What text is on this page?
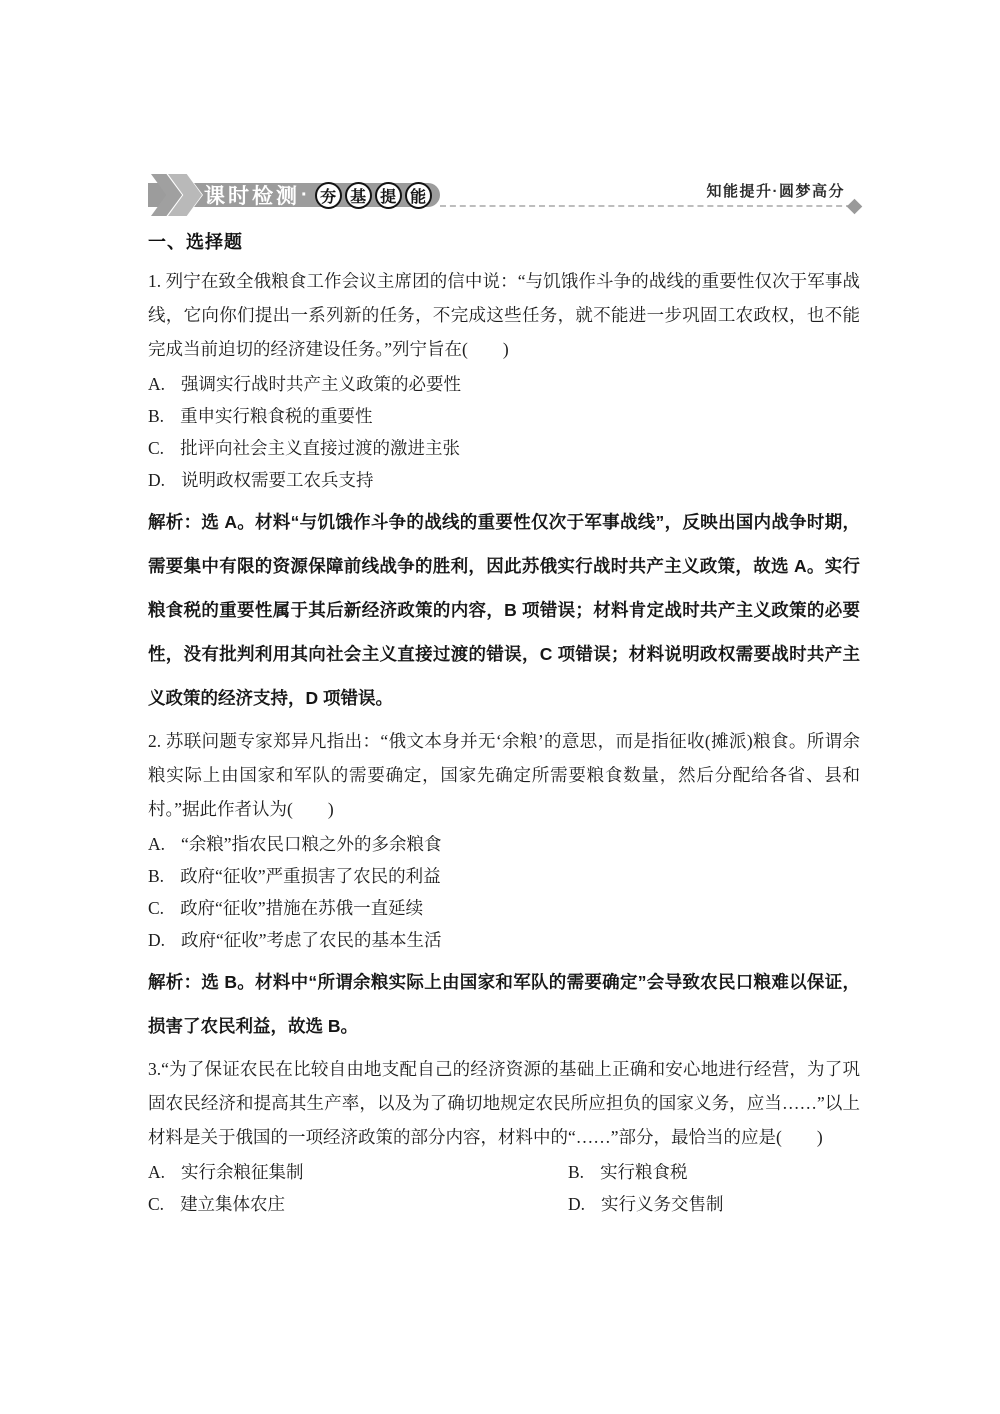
课时检测 · 夯 基 提 能	知能提升·圆梦高分
一、选择题

1. 列宁在致全俄粮食工作会议主席团的信中说：“与饥饿作斗争的战线的重要性仅次于军事战线，它向你们提出一系列新的任务，不完成这些任务，就不能进一步巩固工农政权，也不能完成当前迫切的经济建设任务。”列宁旨在(　　)

A. 强调实行战时共产主义政策的必要性
B. 重申实行粮食税的重要性
C. 批评向社会主义直接过渡的激进主张
D. 说明政权需要工农兵支持

解析：选 A。材料“与饥饿作斗争的战线的重要性仅次于军事战线”，反映出国内战争时期，需要集中有限的资源保障前线战争的胜利，因此苏俄实行战时共产主义政策，故选 A。实行粮食税的重要性属于其后新经济政策的内容，B 项错误；材料肯定战时共产主义政策的必要性，没有批判利用其向社会主义直接过渡的错误，C 项错误；材料说明政权需要战时共产主义政策的经济支持，D 项错误。

2. 苏联问题专家郑异凡指出：“俄文本身并无‘余粮’的意思，而是指征收(摊派)粮食。所谓余粮实际上由国家和军队的需要确定，国家先确定所需要粮食数量，然后分配给各省、县和村。”据此作者认为(　　)

A. “余粮”指农民口粮之外的多余粮食
B. 政府“征收”严重损害了农民的利益
C. 政府“征收”措施在苏俄一直延续
D. 政府“征收”考虑了农民的基本生活

解析：选 B。材料中“所谓余粮实际上由国家和军队的需要确定”会导致农民口粮难以保证，损害了农民利益，故选 B。

3.“为了保证农民在比较自由地支配自己的经济资源的基础上正确和安心地进行经营，为了巩固农民经济和提高其生产率，以及为了确切地规定农民所应担负的国家义务，应当……”以上材料是关于俄国的一项经济政策的部分内容，材料中的“……”部分，最恰当的应是(　　)

A. 实行余粮征集制	B. 实行粮食税
C. 建立集体农庄	D. 实行义务交售制
